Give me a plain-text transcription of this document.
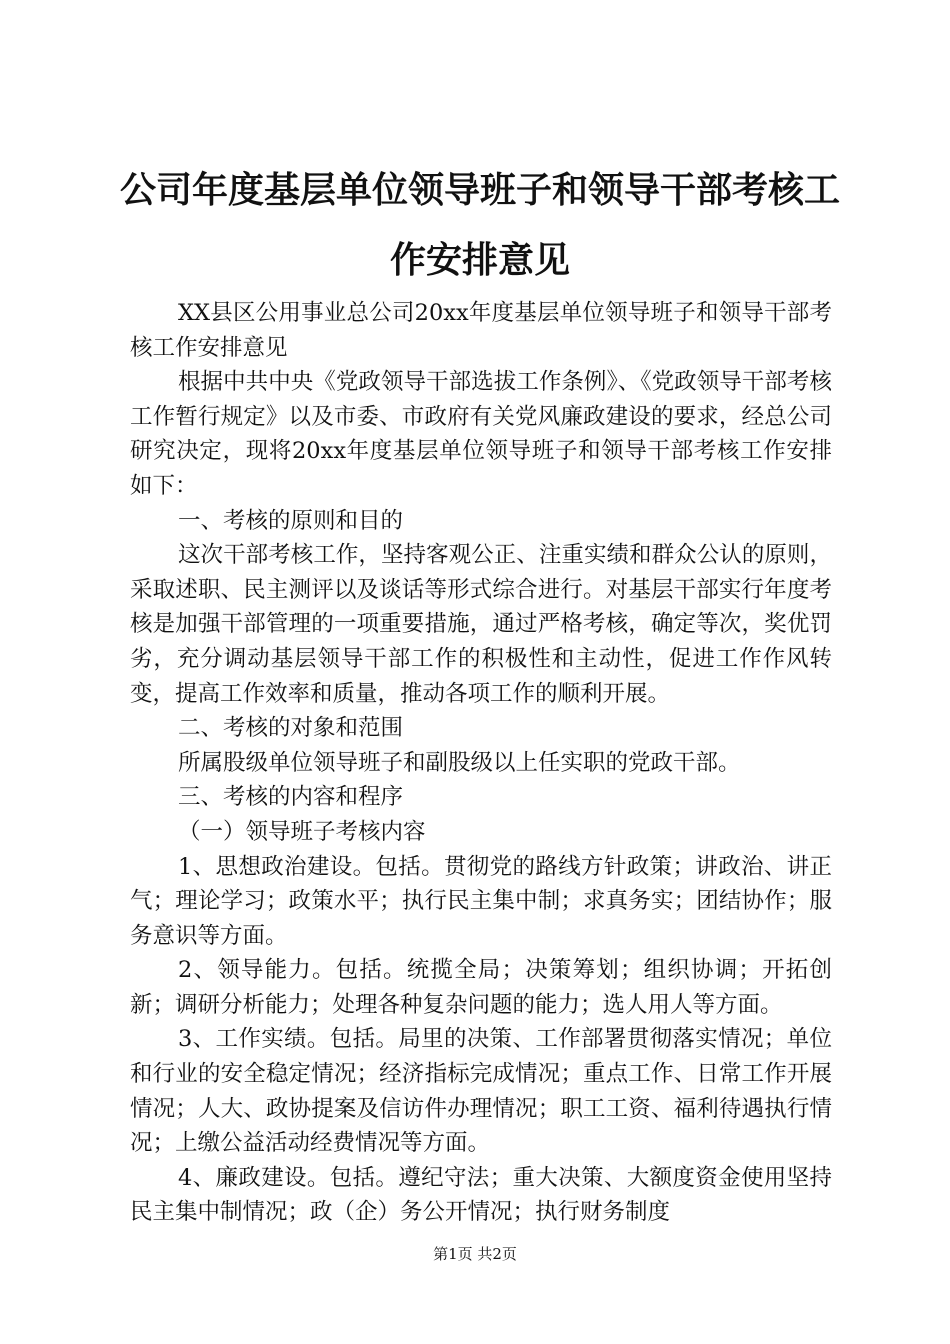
公司年度基层单位领导班子和领导干部考核工作安排意见

XX县区公用事业总公司20xx年度基层单位领导班子和领导干部考核工作安排意见

根据中共中央《党政领导干部选拔工作条例》、《党政领导干部考核工作暂行规定》以及市委、市政府有关党风廉政建设的要求，经总公司研究决定，现将20xx年度基层单位领导班子和领导干部考核工作安排如下：

一、考核的原则和目的

这次干部考核工作，坚持客观公正、注重实绩和群众公认的原则，采取述职、民主测评以及谈话等形式综合进行。对基层干部实行年度考核是加强干部管理的一项重要措施，通过严格考核，确定等次，奖优罚劣，充分调动基层领导干部工作的积极性和主动性，促进工作作风转变，提高工作效率和质量，推动各项工作的顺利开展。

二、考核的对象和范围

所属股级单位领导班子和副股级以上任实职的党政干部。

三、考核的内容和程序

（一）领导班子考核内容

1、思想政治建设。包括。贯彻党的路线方针政策；讲政治、讲正气；理论学习；政策水平；执行民主集中制；求真务实；团结协作；服务意识等方面。

2、领导能力。包括。统揽全局；决策筹划；组织协调；开拓创新；调研分析能力；处理各种复杂问题的能力；选人用人等方面。

3、工作实绩。包括。局里的决策、工作部署贯彻落实情况；单位和行业的安全稳定情况；经济指标完成情况；重点工作、日常工作开展情况；人大、政协提案及信访件办理情况；职工工资、福利待遇执行情况；上缴公益活动经费情况等方面。

4、廉政建设。包括。遵纪守法；重大决策、大额度资金使用坚持民主集中制情况；政（企）务公开情况；执行财务制度

第1页 共2页
